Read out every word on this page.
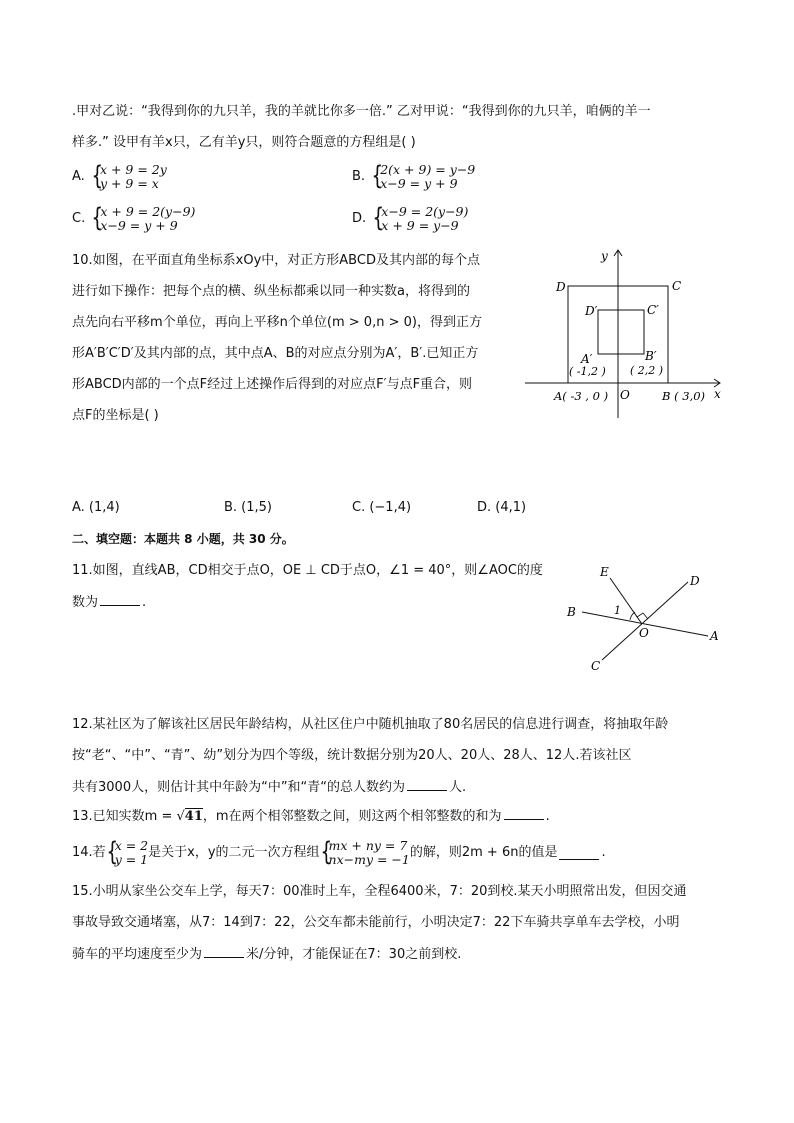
.甲对乙说：“我得到你的九只羊，我的羊就比你多一倍.” 乙对甲说：“我得到你的九只羊，咱俩的羊一
样多.” 设甲有羊x只，乙有羊y只，则符合题意的方程组是( )
A. { x + 9 = 2y
y + 9 = x	B. { 2(x + 9) = y−9
x−9 = y + 9
C. { x + 9 = 2(y−9)
x−9 = y + 9	D. { x−9 = 2(y−9)
x + 9 = y−9
10.如图，在平面直角坐标系xOy中，对正方形ABCD及其内部的每个点
进行如下操作：把每个点的横、纵坐标都乘以同一种实数a，将得到的
点先向右平移m个单位，再向上平移n个单位(m > 0,n > 0)，得到正方
形A′B′C′D′及其内部的点，其中点A、B的对应点分别为A′，B′.已知正方
形ABCD内部的一个点F经过上述操作后得到的对应点F′与点F重合，则
点F的坐标是( )
y
x
D	C
D′	C′
A′	B′
( -1,2 ) ( 2,2 )
A( -3 , 0 ) O	B ( 3,0)
A. (1,4)	B. (1,5)	C. (−1,4)	D. (4,1)
二、填空题：本题共 8 小题，共 30 分。
11.如图，直线AB，CD相交于点O，OE ⊥ CD于点O，∠1 = 40°，则∠AOC的度
数为	.
E
D
B	1
O	A
C
12.某社区为了解该社区居民年龄结构，从社区住户中随机抽取了80名居民的信息进行调查，将抽取年龄
按“老“、“中”、“青”、幼”划分为四个等级，统计数据分别为20人、20人、28人、12人.若该社区
共有3000人，则估计其中年龄为“中”和“青“的总人数约为	人.
13.已知实数m = √41，m在两个相邻整数之间，则这两个相邻整数的和为	.
14.若 { x = 2
y = 1 是关于x，y的二元一次方程组 { mx + ny = 7
nx−my = −1 的解，则2m + 6n的值是	.
15.小明从家坐公交车上学，每天7：00准时上车，全程6400米，7：20到校.某天小明照常出发，但因交通
事故导致交通堵塞，从7：14到7：22，公交车都未能前行，小明决定7：22下车骑共享单车去学校，小明
骑车的平均速度至少为	米/分钟，才能保证在7：30之前到校.
